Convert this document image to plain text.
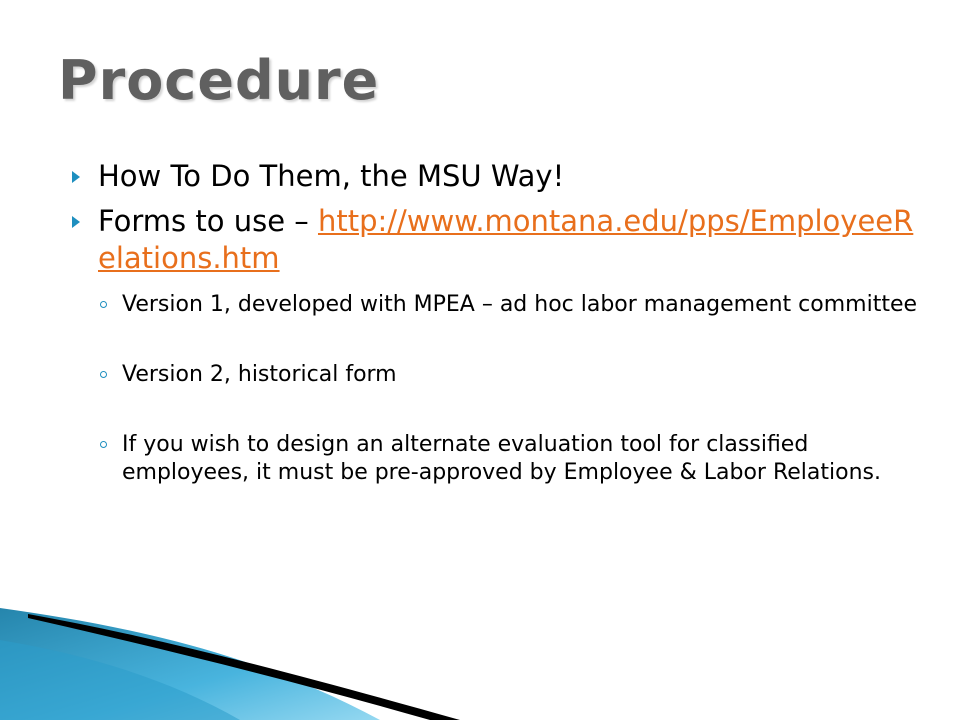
Procedure
How To Do Them, the MSU Way!
Forms to use – http://www.montana.edu/pps/EmployeeRelations.htm
Version 1, developed with MPEA – ad hoc labor management committee
Version 2, historical form
If you wish to design an alternate evaluation tool for classified employees, it must be pre-approved by Employee & Labor Relations.
